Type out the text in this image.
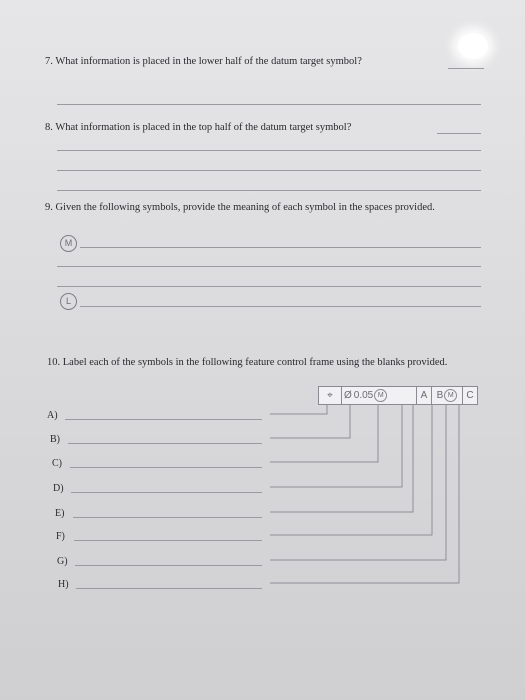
7. What information is placed in the lower half of the datum target symbol?
8. What information is placed in the top half of the datum target symbol?
9. Given the following symbols, provide the meaning of each symbol in the spaces provided.
M
L
10. Label each of the symbols in the following feature control frame using the blanks provided.
⌖	Ø 0.05 M	A B M	C
A)
B)
C)
D)
E)
F)
G)
H)
